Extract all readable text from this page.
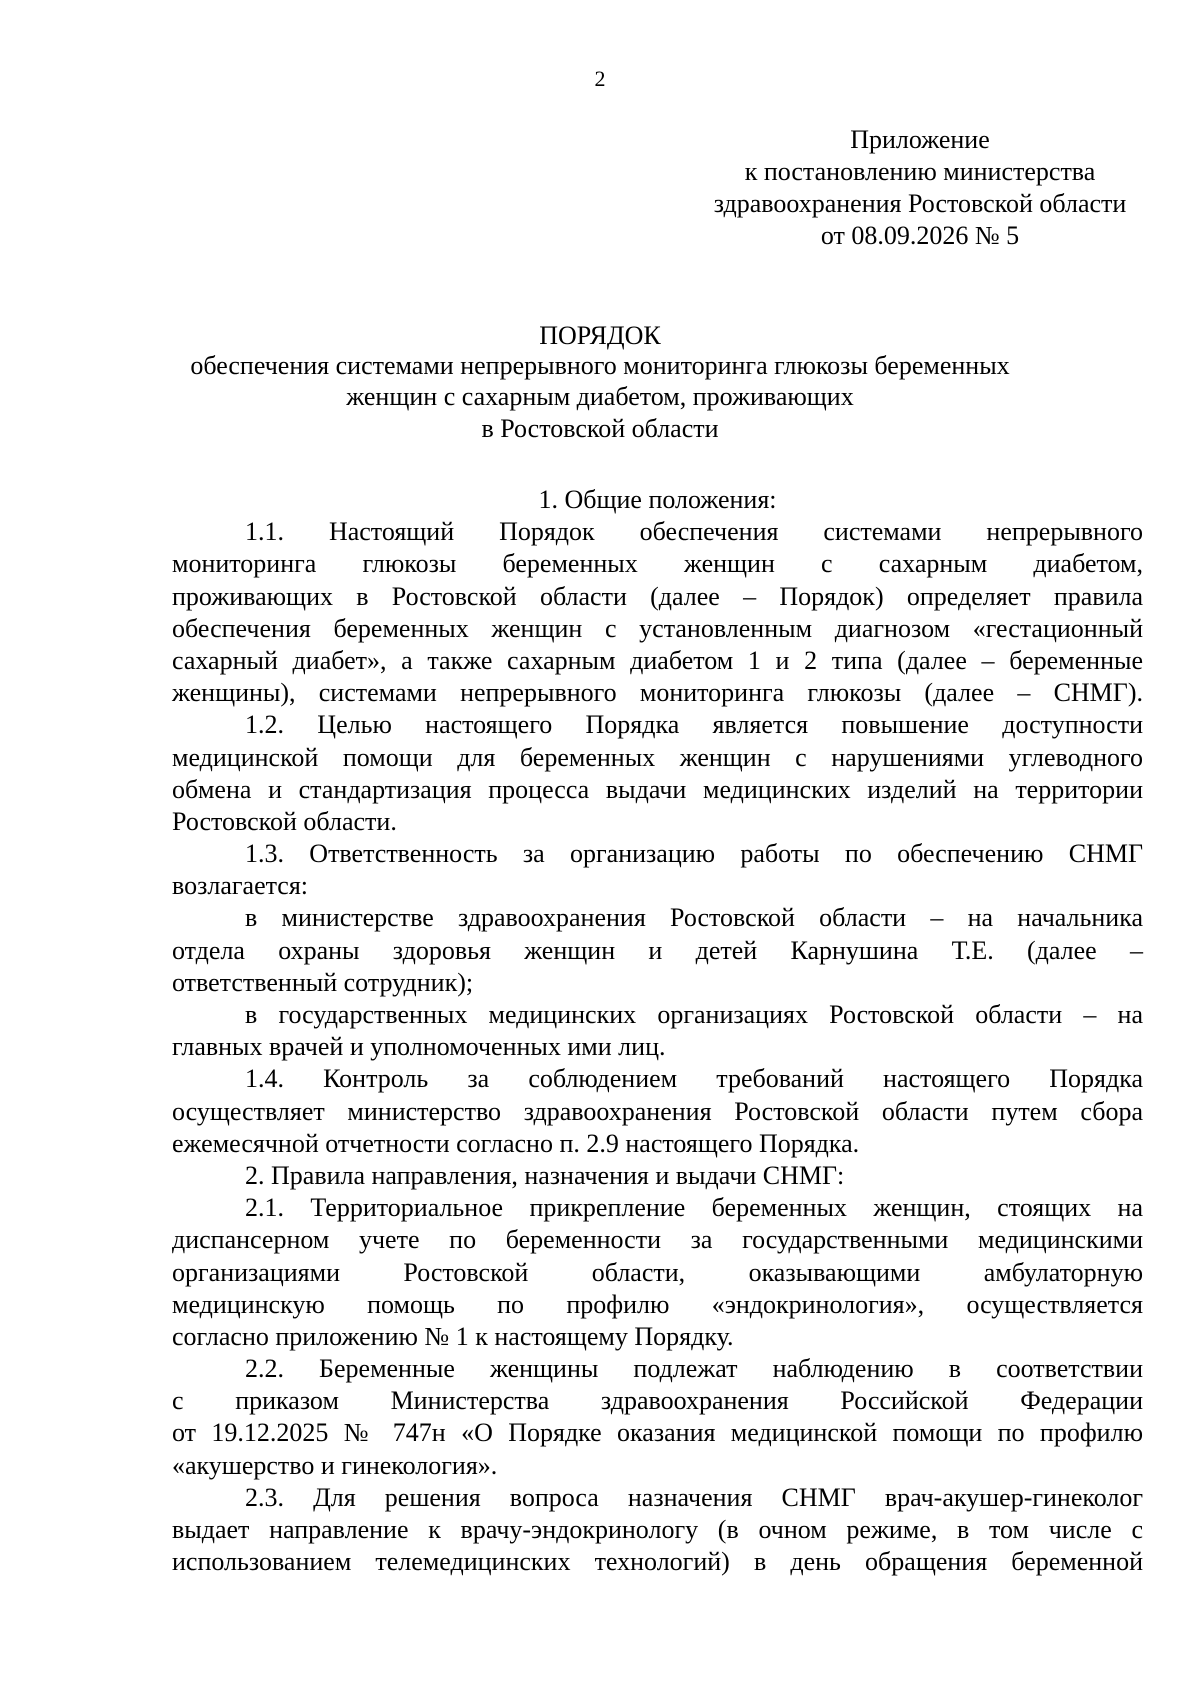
2
Приложение
к постановлению министерства
здравоохранения Ростовской области
от 08.09.2026 № 5
ПОРЯДОК
обеспечения системами непрерывного мониторинга глюкозы беременных
женщин с сахарным диабетом, проживающих
в Ростовской области
1. Общие положения:
1.1. Настоящий Порядок обеспечения системами непрерывного
мониторинга глюкозы беременных женщин с сахарным диабетом,
проживающих в Ростовской области (далее – Порядок) определяет правила
обеспечения беременных женщин с установленным диагнозом «гестационный
сахарный диабет», а также сахарным диабетом 1 и 2 типа (далее – беременные
женщины), системами непрерывного мониторинга глюкозы (далее – СНМГ).
1.2. Целью настоящего Порядка является повышение доступности
медицинской помощи для беременных женщин с нарушениями углеводного
обмена и стандартизация процесса выдачи медицинских изделий на территории
Ростовской области.
1.3. Ответственность за организацию работы по обеспечению СНМГ
возлагается:
в министерстве здравоохранения Ростовской области – на начальника
отдела охраны здоровья женщин и детей Карнушина Т.Е. (далее –
ответственный сотрудник);
в государственных медицинских организациях Ростовской области – на
главных врачей и уполномоченных ими лиц.
1.4. Контроль за соблюдением требований настоящего Порядка
осуществляет министерство здравоохранения Ростовской области путем сбора
ежемесячной отчетности согласно п. 2.9 настоящего Порядка.
2. Правила направления, назначения и выдачи СНМГ:
2.1. Территориальное прикрепление беременных женщин, стоящих на
диспансерном учете по беременности за государственными медицинскими
организациями Ростовской области, оказывающими амбулаторную
медицинскую помощь по профилю «эндокринология», осуществляется
согласно приложению № 1 к настоящему Порядку.
2.2. Беременные женщины подлежат наблюдению в соответствии
с приказом Министерства здравоохранения Российской Федерации
от 19.12.2025 № 747н «О Порядке оказания медицинской помощи по профилю
«акушерство и гинекология».
2.3. Для решения вопроса назначения СНМГ врач-акушер-гинеколог
выдает направление к врачу-эндокринологу (в очном режиме, в том числе с
использованием телемедицинских технологий) в день обращения беременной
